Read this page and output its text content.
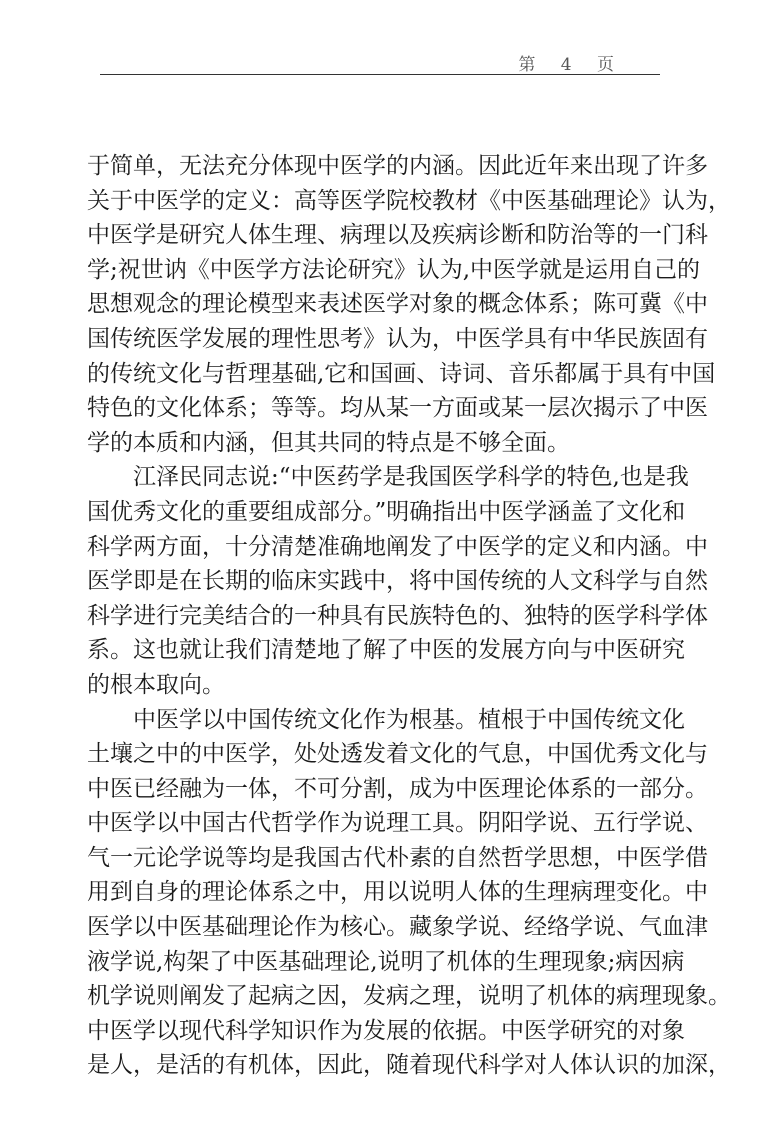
第 4 页
于简单，无法充分体现中医学的内涵。因此近年来出现了许多
关于中医学的定义：高等医学院校教材《中医基础理论》认为，
中医学是研究人体生理、病理以及疾病诊断和防治等的一门科
学;祝世讷《中医学方法论研究》认为,中医学就是运用自己的
思想观念的理论模型来表述医学对象的概念体系；陈可冀《中
国传统医学发展的理性思考》认为，中医学具有中华民族固有
的传统文化与哲理基础,它和国画、诗词、音乐都属于具有中国
特色的文化体系；等等。均从某一方面或某一层次揭示了中医
学的本质和内涵，但其共同的特点是不够全面。
江泽民同志说:“中医药学是我国医学科学的特色,也是我
国优秀文化的重要组成部分。”明确指出中医学涵盖了文化和
科学两方面，十分清楚准确地阐发了中医学的定义和内涵。中
医学即是在长期的临床实践中，将中国传统的人文科学与自然
科学进行完美结合的一种具有民族特色的、独特的医学科学体
系。这也就让我们清楚地了解了中医的发展方向与中医研究
的根本取向。
中医学以中国传统文化作为根基。植根于中国传统文化
土壤之中的中医学，处处透发着文化的气息，中国优秀文化与
中医已经融为一体，不可分割，成为中医理论体系的一部分。
中医学以中国古代哲学作为说理工具。阴阳学说、五行学说、
气一元论学说等均是我国古代朴素的自然哲学思想，中医学借
用到自身的理论体系之中，用以说明人体的生理病理变化。中
医学以中医基础理论作为核心。藏象学说、经络学说、气血津
液学说,构架了中医基础理论,说明了机体的生理现象;病因病
机学说则阐发了起病之因，发病之理，说明了机体的病理现象。
中医学以现代科学知识作为发展的依据。中医学研究的对象
是人，是活的有机体，因此，随着现代科学对人体认识的加深，
